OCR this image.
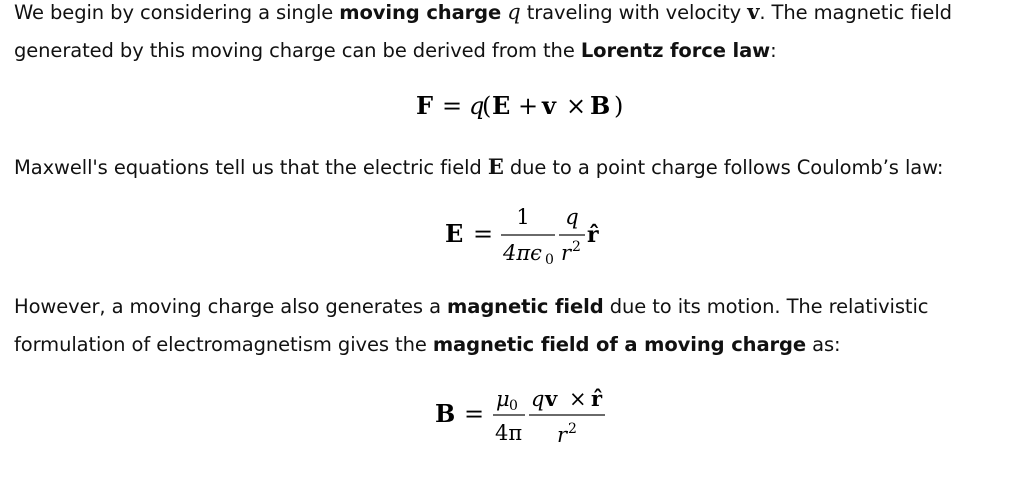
We begin by considering a single moving charge q traveling with velocity v. The magnetic field generated by this moving charge can be derived from the Lorentz force law:

F = q
( E + v × B )

Maxwell's equations tell us that the electric field E due to a point charge follows Coulomb’s law:

E =
1
4πϵ 0
q
r 2 r̂

However, a moving charge also generates a magnetic field due to its motion. The relativistic formulation of electromagnetism gives the magnetic field of a moving charge as:

B =
μ 0
4π
q v × r̂
r 2
